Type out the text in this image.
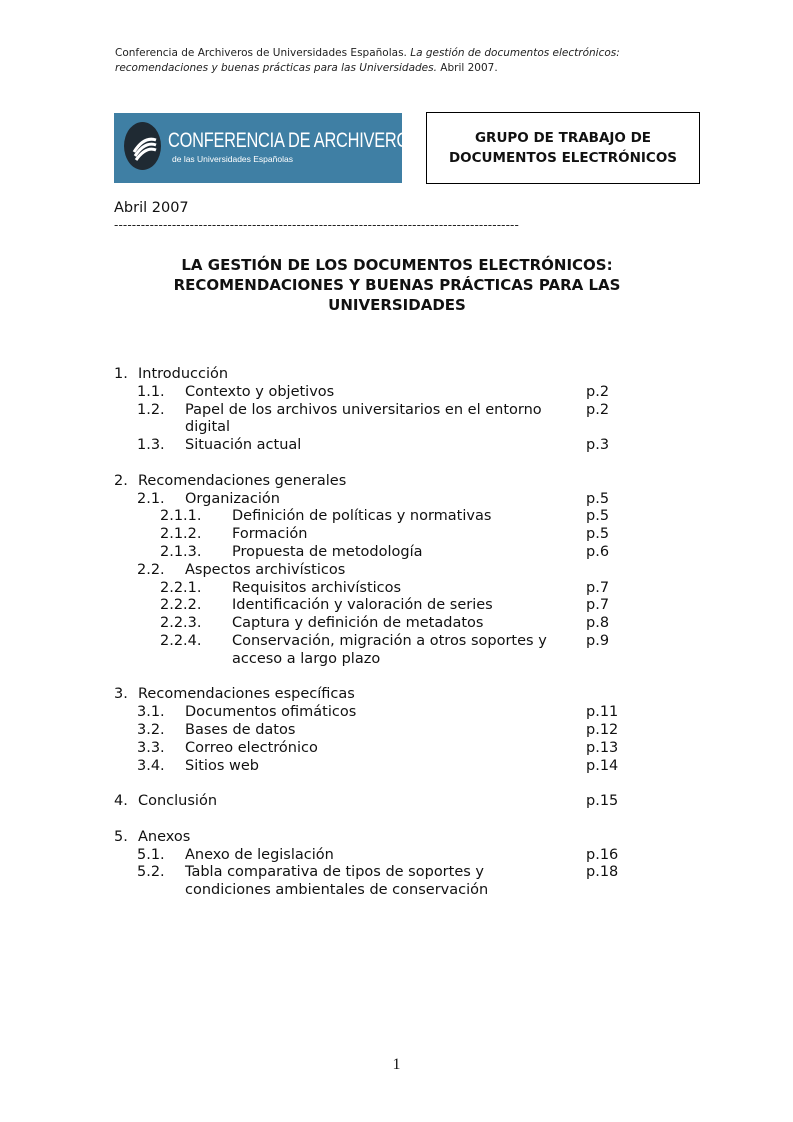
Conferencia de Archiveros de Universidades Españolas. La gestión de documentos electrónicos:
recomendaciones y buenas prácticas para las Universidades. Abril 2007.
CONFERENCIA DE ARCHIVEROS
de las Universidades Españolas
GRUPO DE TRABAJO DE
DOCUMENTOS ELECTRÓNICOS
Abril 2007
-------------------------------------------------------------------------------------------
LA GESTIÓN DE LOS DOCUMENTOS ELECTRÓNICOS:
RECOMENDACIONES Y BUENAS PRÁCTICAS PARA LAS
UNIVERSIDADES
1. Introducción
1.1. Contexto y objetivos	p.2
1.2. Papel de los archivos universitarios en el entorno	p.2
digital
1.3. Situación actual	p.3
2. Recomendaciones generales
2.1. Organización	p.5
2.1.1. Definición de políticas y normativas	p.5
2.1.2. Formación	p.5
2.1.3. Propuesta de metodología	p.6
2.2. Aspectos archivísticos
2.2.1. Requisitos archivísticos	p.7
2.2.2. Identificación y valoración de series	p.7
2.2.3. Captura y definición de metadatos	p.8
2.2.4. Conservación, migración a otros soportes y	p.9
acceso a largo plazo
3. Recomendaciones específicas
3.1. Documentos ofimáticos	p.11
3.2. Bases de datos	p.12
3.3. Correo electrónico	p.13
3.4. Sitios web	p.14
4. Conclusión	p.15
5. Anexos
5.1. Anexo de legislación	p.16
5.2. Tabla comparativa de tipos de soportes y	p.18
condiciones ambientales de conservación
1
